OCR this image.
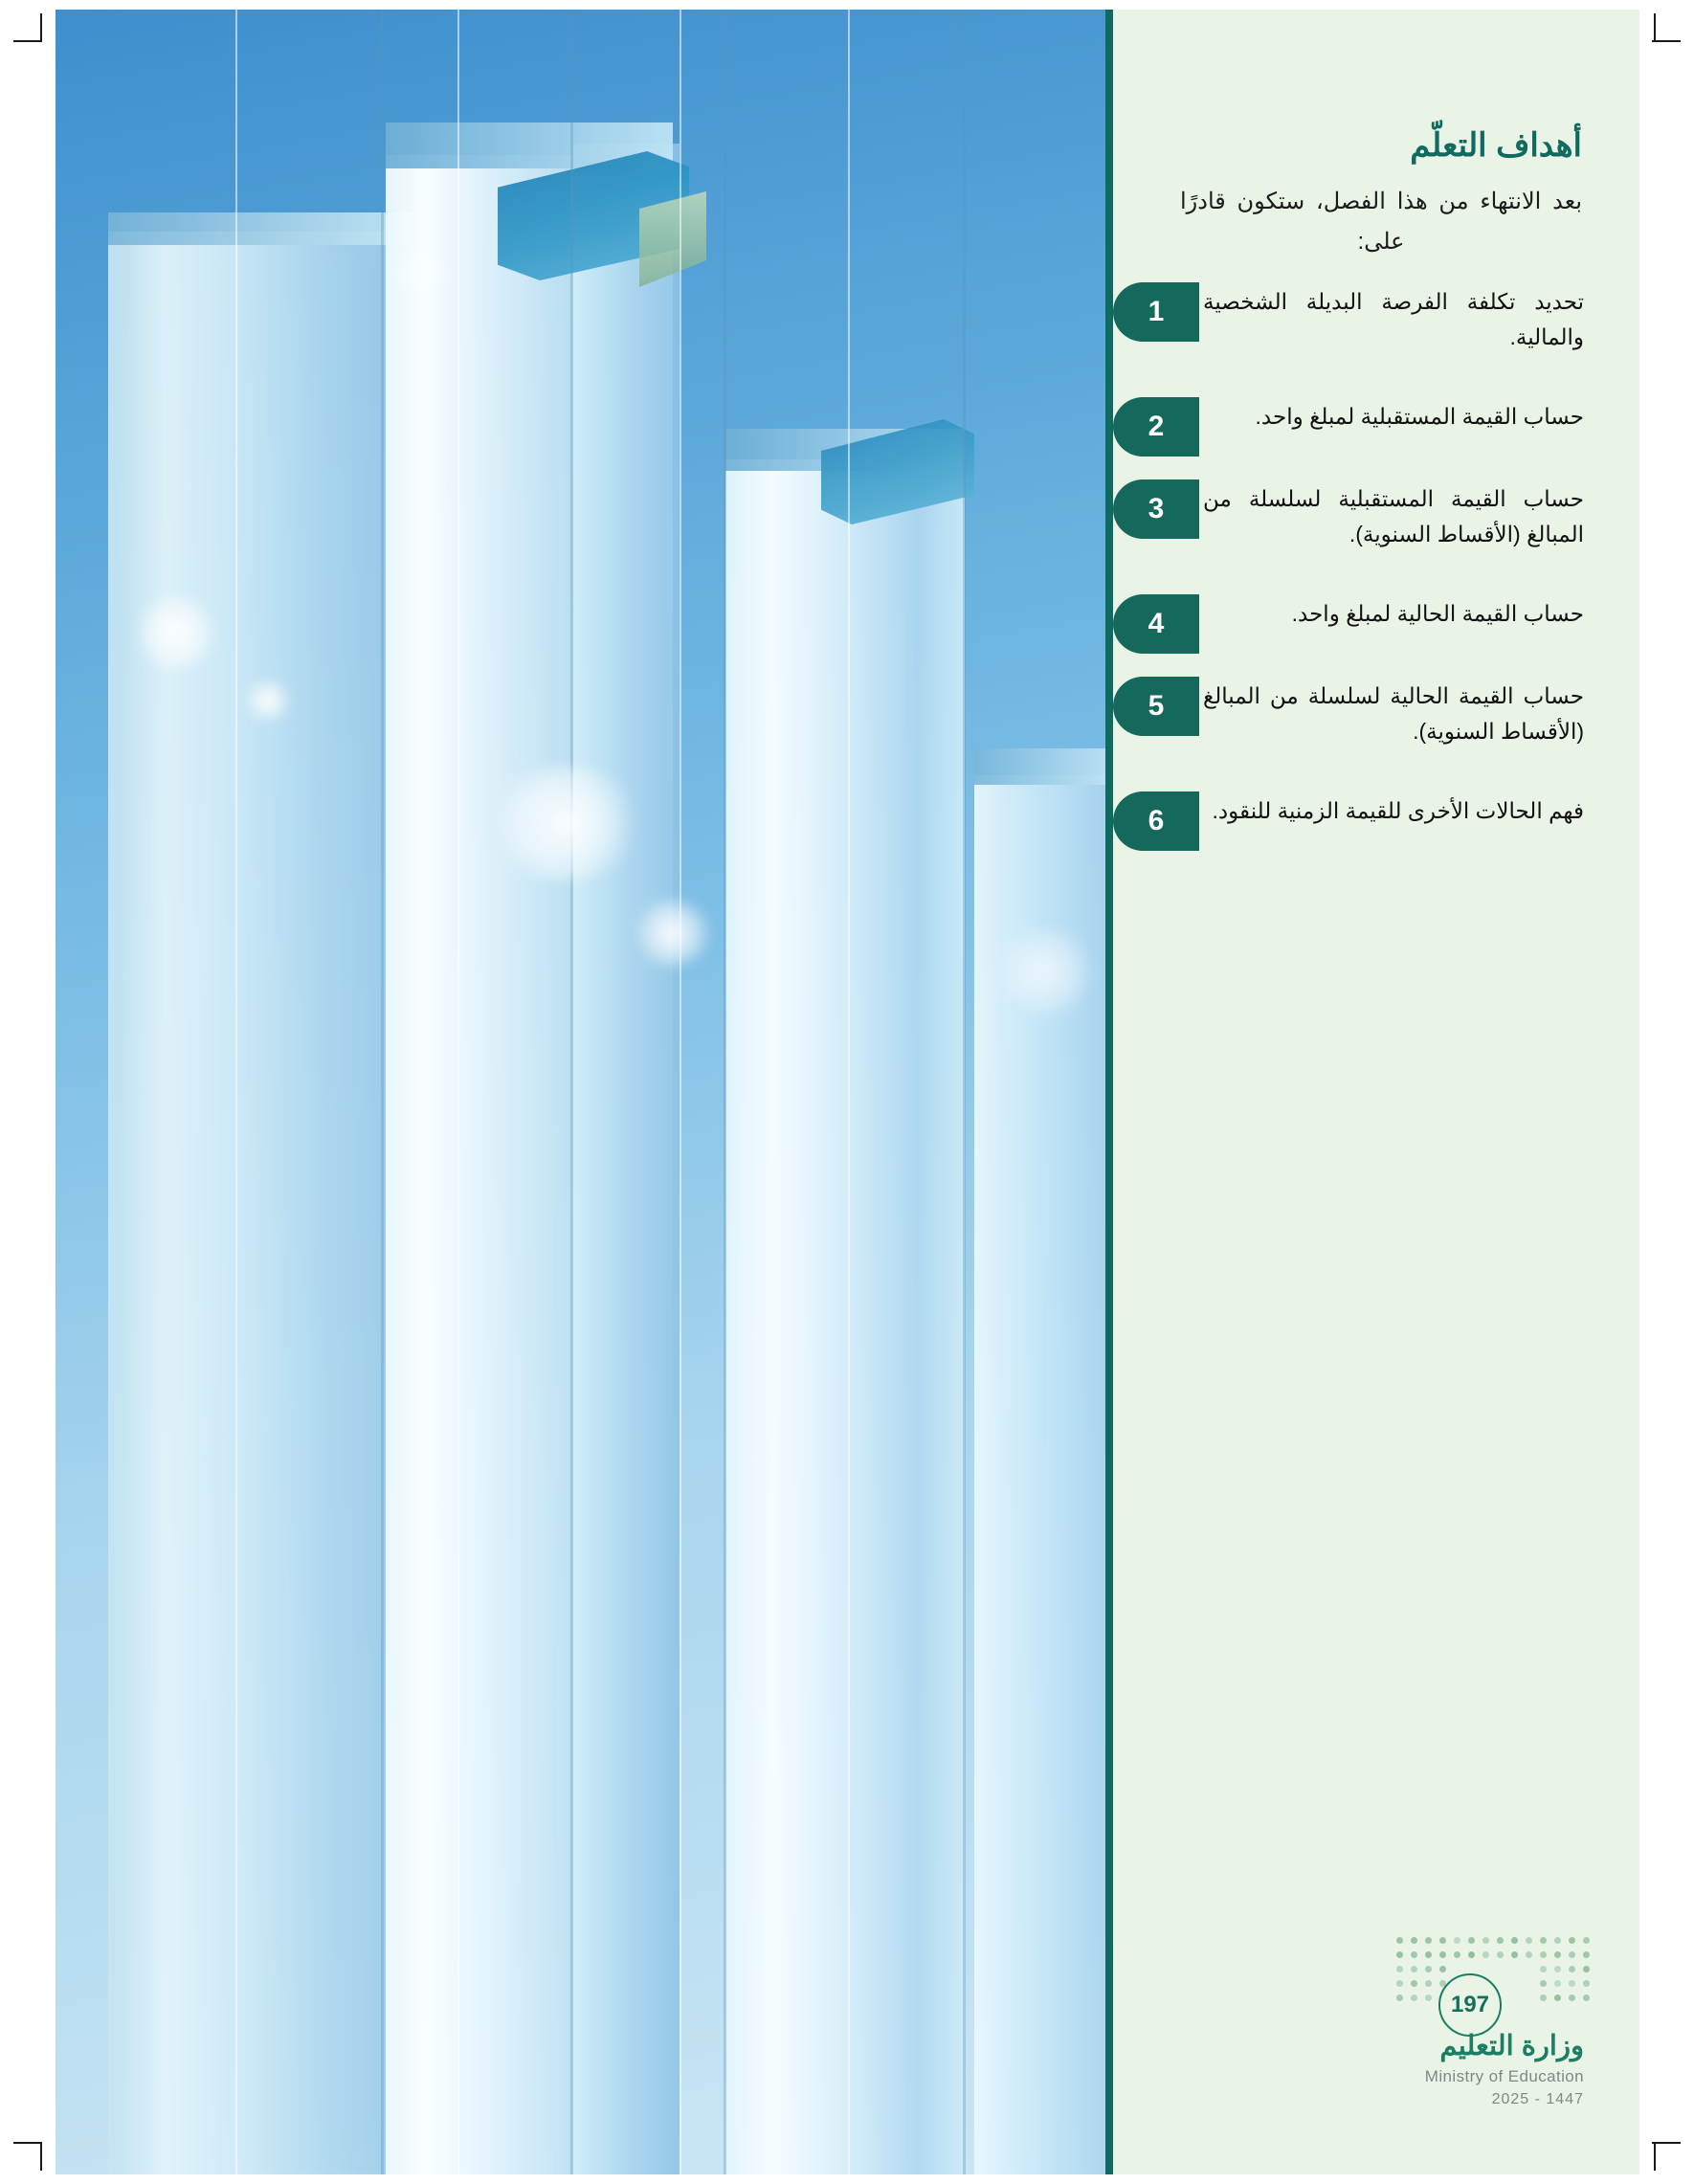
أهداف التعلّم
بعد الانتهاء من هذا الفصل، ستكون قادرًا على:
1	تحديد تكلفة الفرصة البديلة الشخصية والمالية.
2	حساب القيمة المستقبلية لمبلغ واحد.
3	حساب القيمة المستقبلية لسلسلة من المبالغ (الأقساط السنوية).
4	حساب القيمة الحالية لمبلغ واحد.
5	حساب القيمة الحالية لسلسلة من المبالغ (الأقساط السنوية).
6	فهم الحالات الأخرى للقيمة الزمنية للنقود.
197
وزارة التعليم
Ministry of Education
2025 - 1447
